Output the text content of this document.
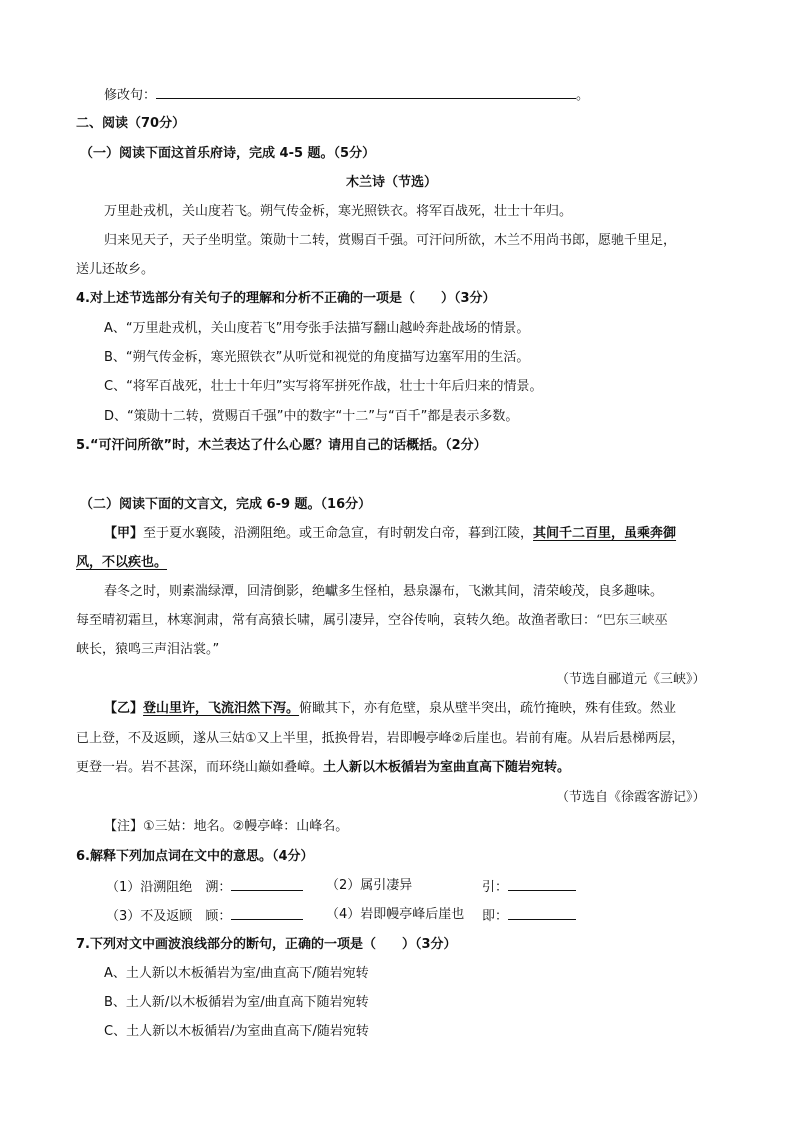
修改句：	。
二、阅读（70分）
（一）阅读下面这首乐府诗，完成 4-5 题。（5分）
木兰诗（节选）
万里赴戎机，关山度若飞。朔气传金柝，寒光照铁衣。将军百战死，壮士十年归。
归来见天子，天子坐明堂。策勋十二转，赏赐百千强。可汗问所欲，木兰不用尚书郎，愿驰千里足，
送儿还故乡。
4.对上述节选部分有关句子的理解和分析不正确的一项是（　　）（3分）
A、“万里赴戎机，关山度若飞”用夸张手法描写翻山越岭奔赴战场的情景。
B、“朔气传金柝，寒光照铁衣”从听觉和视觉的角度描写边塞军用的生活。
C、“将军百战死，壮士十年归”实写将军拼死作战，壮士十年后归来的情景。
D、“策勋十二转，赏赐百千强”中的数字“十二”与“百千”都是表示多数。
5.“可汗问所欲”时，木兰表达了什么心愿？请用自己的话概括。（2分）
（二）阅读下面的文言文，完成 6-9 题。（16分）
【甲】至于夏水襄陵，沿溯阻绝。或王命急宣，有时朝发白帝，暮到江陵，其间千二百里，虽乘奔御
风，不以疾也。
春冬之时，则素湍绿潭，回清倒影，绝巘多生怪柏，悬泉瀑布，飞漱其间，清荣峻茂，良多趣味。
每至晴初霜旦，林寒涧肃，常有高猿长啸，属引凄异，空谷传响，哀转久绝。故渔者歌曰：“巴东三峡巫
峡长，猿鸣三声泪沾裳。”
（节选自郦道元《三峡》）
【乙】登山里许，飞流汨然下泻。俯瞰其下，亦有危壁，泉从壁半突出，疏竹掩映，殊有佳致。然业
已上登，不及返顾，遂从三姑①又上半里，抵换骨岩，岩即幔亭峰②后崖也。岩前有庵。从岩后悬梯两层，
更登一岩。岩不甚深，而环绕山巅如叠嶂。土人新以木板循岩为室曲直高下随岩宛转。
（节选自《徐霞客游记》）
【注】①三姑：地名。②幔亭峰：山峰名。
6.解释下列加点词在文中的意思。（4分）
（1）沿溯阻绝　 溯：	（2）属引凄异	引：
（3）不及返顾　 顾：	（4）岩即幔亭峰后崖也 即：
7.下列对文中画波浪线部分的断句，正确的一项是（　　）（3分）
A、土人新以木板循岩为室/曲直高下/随岩宛转
B、土人新/以木板循岩为室/曲直高下随岩宛转
C、土人新以木板循岩/为室曲直高下/随岩宛转
